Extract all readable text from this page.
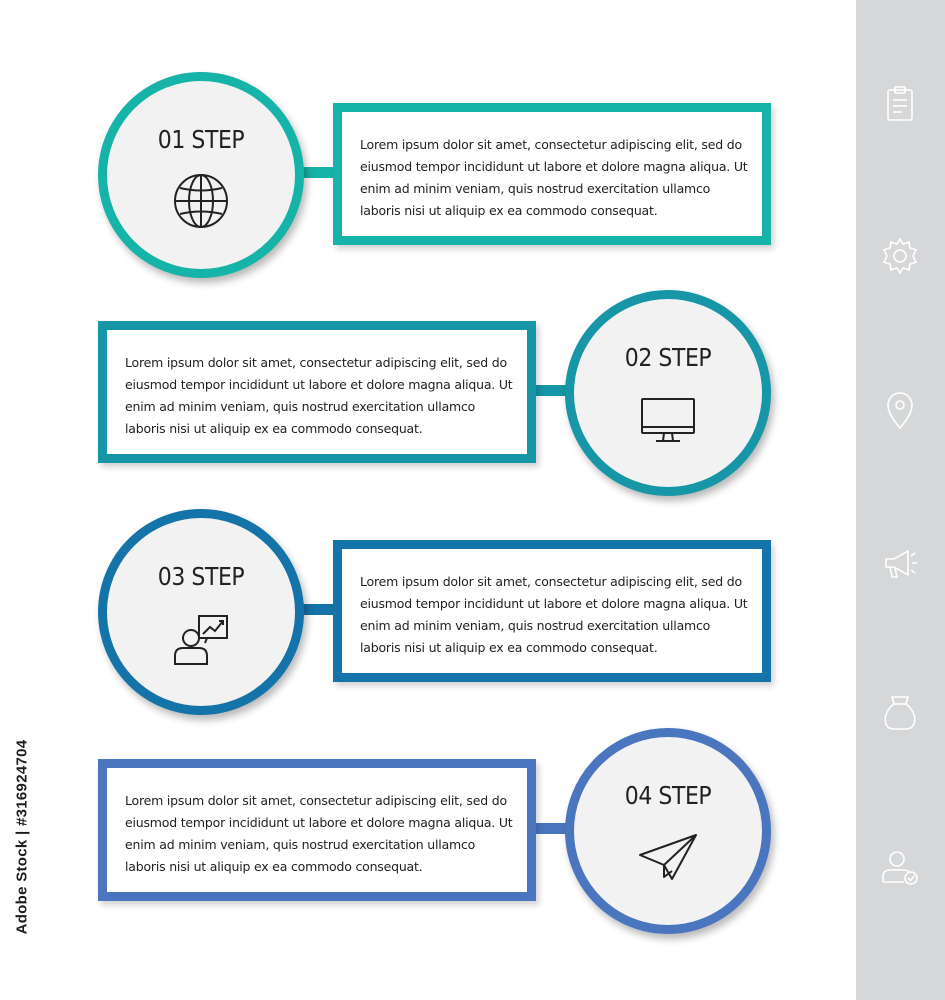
Adobe Stock | #316924704
01 STEP	Lorem ipsum dolor sit amet, consectetur adipiscing elit, sed do eiusmod tempor incididunt ut labore et dolore magna aliqua. Ut enim ad minim veniam, quis nostrud exercitation ullamco laboris nisi ut aliquip ex ea commodo consequat.

Lorem ipsum dolor sit amet, consectetur adipiscing elit, sed do eiusmod tempor incididunt ut labore et dolore magna aliqua. Ut enim ad minim veniam, quis nostrud exercitation ullamco laboris nisi ut aliquip ex ea commodo consequat.

02 STEP
03 STEP	Lorem ipsum dolor sit amet, consectetur adipiscing elit, sed do eiusmod tempor incididunt ut labore et dolore magna aliqua. Ut enim ad minim veniam, quis nostrud exercitation ullamco laboris nisi ut aliquip ex ea commodo consequat.

Lorem ipsum dolor sit amet, consectetur adipiscing elit, sed do eiusmod tempor incididunt ut labore et dolore magna aliqua. Ut enim ad minim veniam, quis nostrud exercitation ullamco laboris nisi ut aliquip ex ea commodo consequat.

04 STEP
